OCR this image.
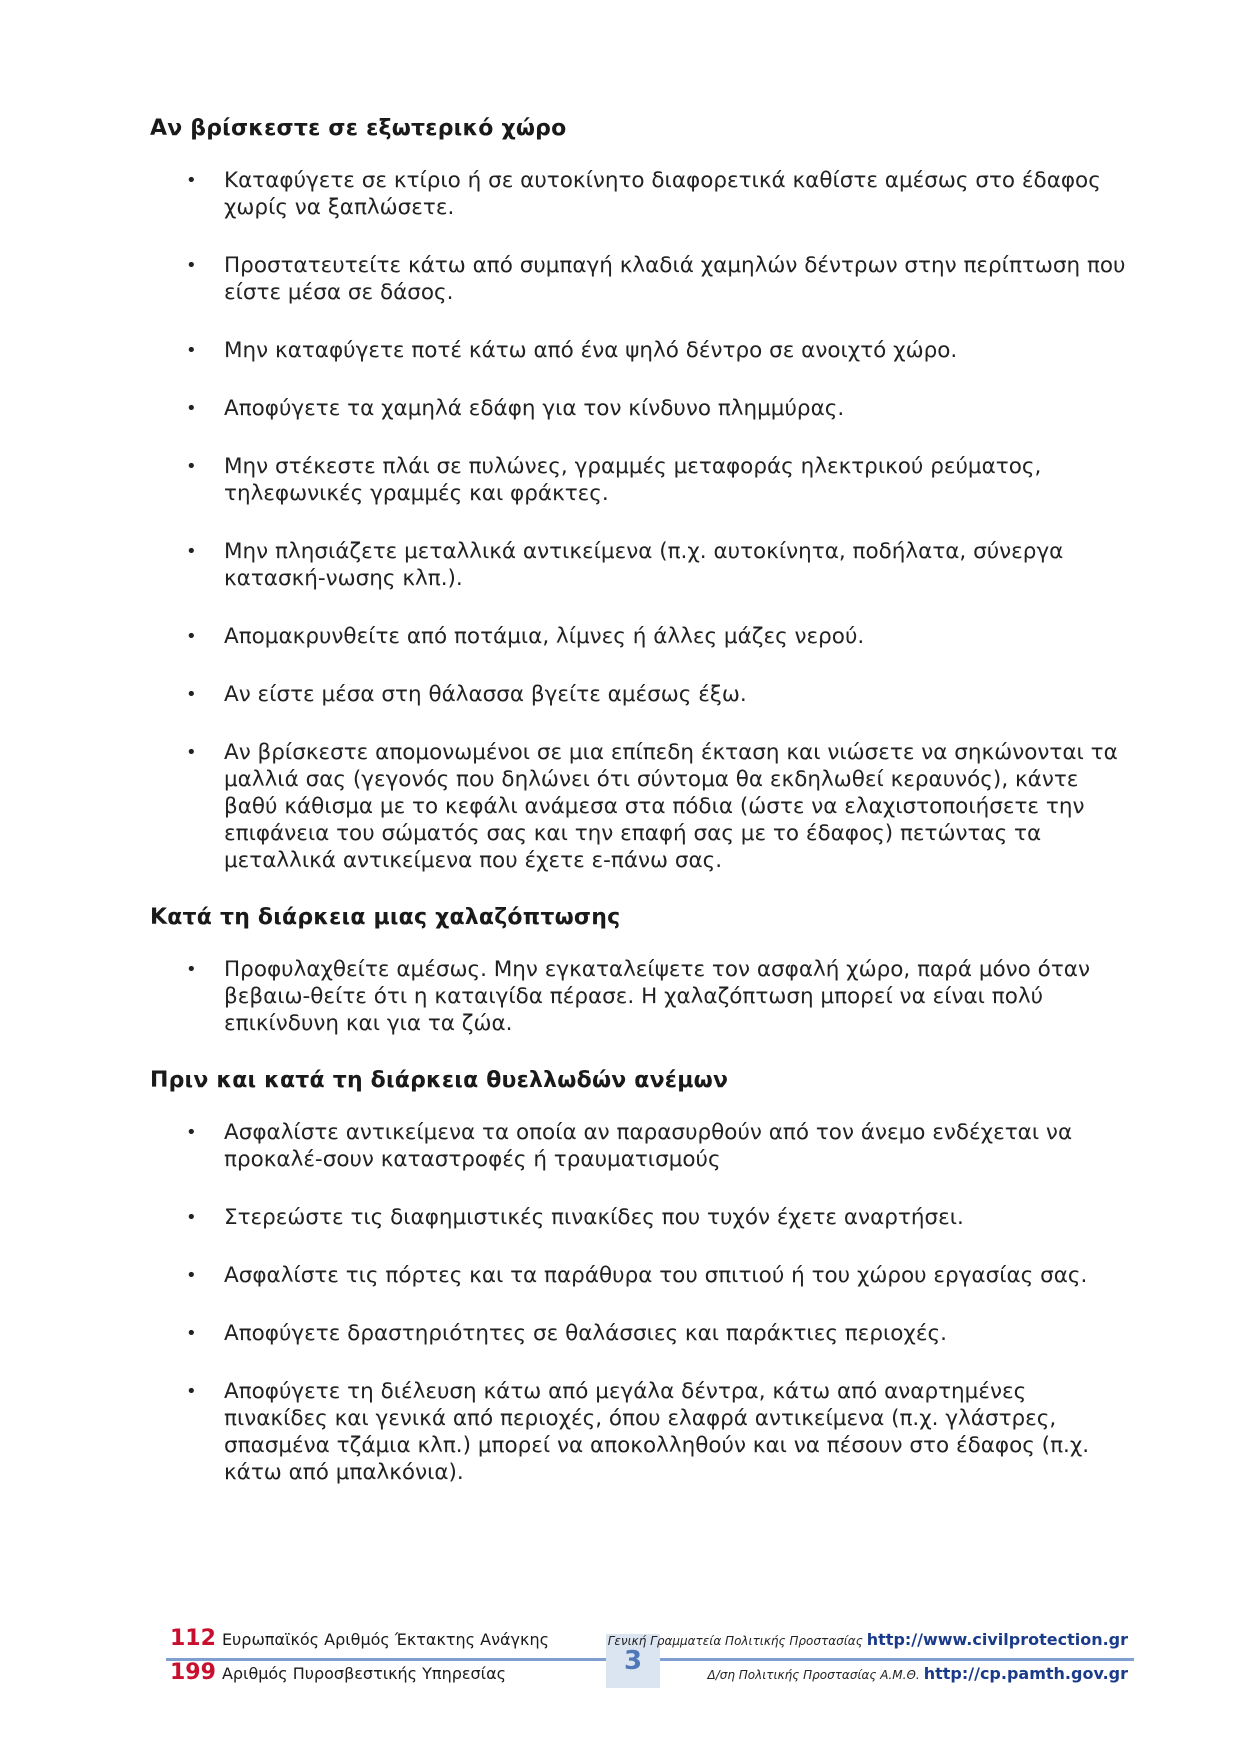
Αν βρίσκεστε σε εξωτερικό χώρο
• Καταφύγετε σε κτίριο ή σε αυτοκίνητο διαφορετικά καθίστε αμέσως στο έδαφος χωρίς να ξαπλώσετε.
• Προστατευτείτε κάτω από συμπαγή κλαδιά χαμηλών δέντρων στην περίπτωση που είστε μέσα σε δάσος.
• Μην καταφύγετε ποτέ κάτω από ένα ψηλό δέντρο σε ανοιχτό χώρο.
• Αποφύγετε τα χαμηλά εδάφη για τον κίνδυνο πλημμύρας.
• Μην στέκεστε πλάι σε πυλώνες, γραμμές μεταφοράς ηλεκτρικού ρεύματος, τηλεφωνικές γραμμές και φράκτες.
• Μην πλησιάζετε μεταλλικά αντικείμενα (π.χ. αυτοκίνητα, ποδήλατα, σύνεργα κατασκή-νωσης κλπ.).
• Απομακρυνθείτε από ποτάμια, λίμνες ή άλλες μάζες νερού.
• Αν είστε μέσα στη θάλασσα βγείτε αμέσως έξω.
• Αν βρίσκεστε απομονωμένοι σε μια επίπεδη έκταση και νιώσετε να σηκώνονται τα μαλλιά σας (γεγονός που δηλώνει ότι σύντομα θα εκδηλωθεί κεραυνός), κάντε βαθύ κάθισμα με το κεφάλι ανάμεσα στα πόδια (ώστε να ελαχιστοποιήσετε την επιφάνεια του σώματός σας και την επαφή σας με το έδαφος) πετώντας τα μεταλλικά αντικείμενα που έχετε ε-πάνω σας.
Κατά τη διάρκεια μιας χαλαζόπτωσης
• Προφυλαχθείτε αμέσως. Μην εγκαταλείψετε τον ασφαλή χώρο, παρά μόνο όταν βεβαιω-θείτε ότι η καταιγίδα πέρασε. Η χαλαζόπτωση μπορεί να είναι πολύ επικίνδυνη και για τα ζώα.
Πριν και κατά τη διάρκεια θυελλωδών ανέμων
• Ασφαλίστε αντικείμενα τα οποία αν παρασυρθούν από τον άνεμο ενδέχεται να προκαλέ-σουν καταστροφές ή τραυματισμούς
• Στερεώστε τις διαφημιστικές πινακίδες που τυχόν έχετε αναρτήσει.
• Ασφαλίστε τις πόρτες και τα παράθυρα του σπιτιού ή του χώρου εργασίας σας.
• Αποφύγετε δραστηριότητες σε θαλάσσιες και παράκτιες περιοχές.
• Αποφύγετε τη διέλευση κάτω από μεγάλα δέντρα, κάτω από αναρτημένες πινακίδες και γενικά από περιοχές, όπου ελαφρά αντικείμενα (π.χ. γλάστρες, σπασμένα τζάμια κλπ.) μπορεί να αποκολληθούν και να πέσουν στο έδαφος (π.χ. κάτω από μπαλκόνια).
3
112 Ευρωπαϊκός Αριθμός Έκτακτης Ανάγκης
199 Αριθμός Πυροσβεστικής Υπηρεσίας
Γενική Γραμματεία Πολιτικής Προστασίας http://www.civilprotection.gr
Δ/ση Πολιτικής Προστασίας Α.Μ.Θ. http://cp.pamth.gov.gr
